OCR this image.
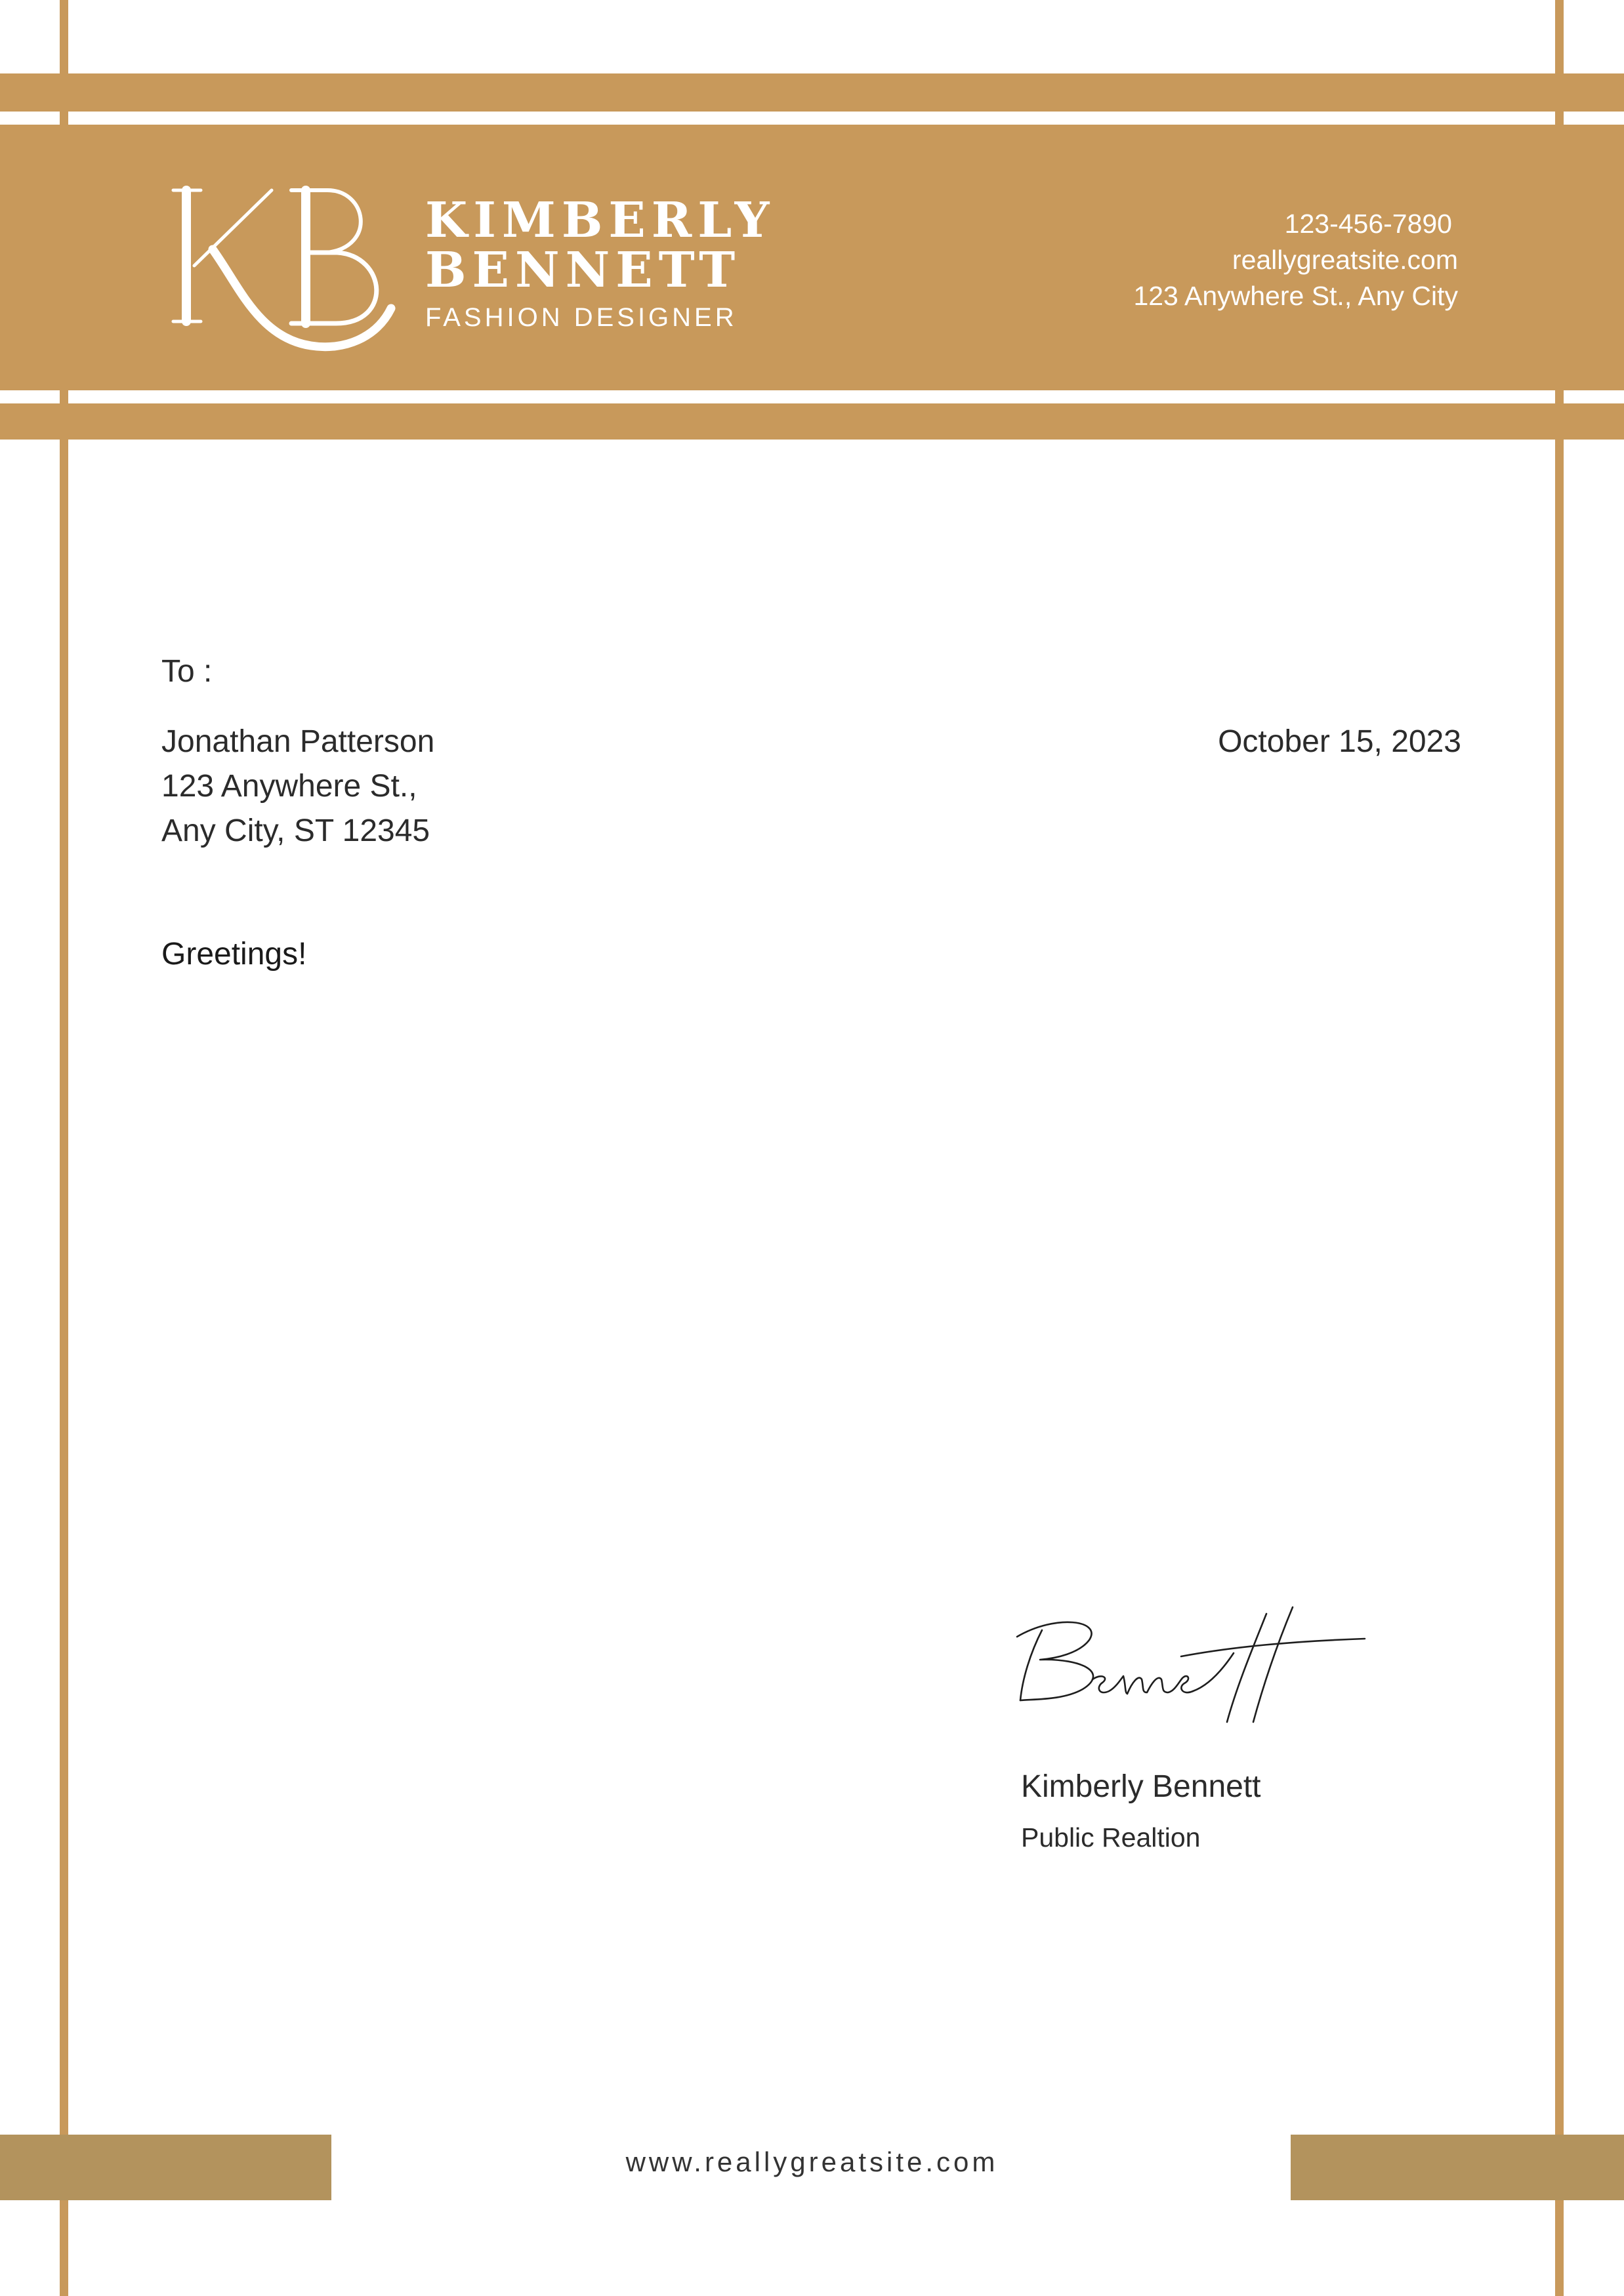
KIMBERLY
BENNETT
FASHION DESIGNER
123-456-7890
reallygreatsite.com
123 Anywhere St., Any City
To :
Jonathan Patterson
123 Anywhere St.,
Any City, ST 12345
October 15, 2023
Greetings!
Kimberly Bennett
Public Realtion
www.reallygreatsite.com
